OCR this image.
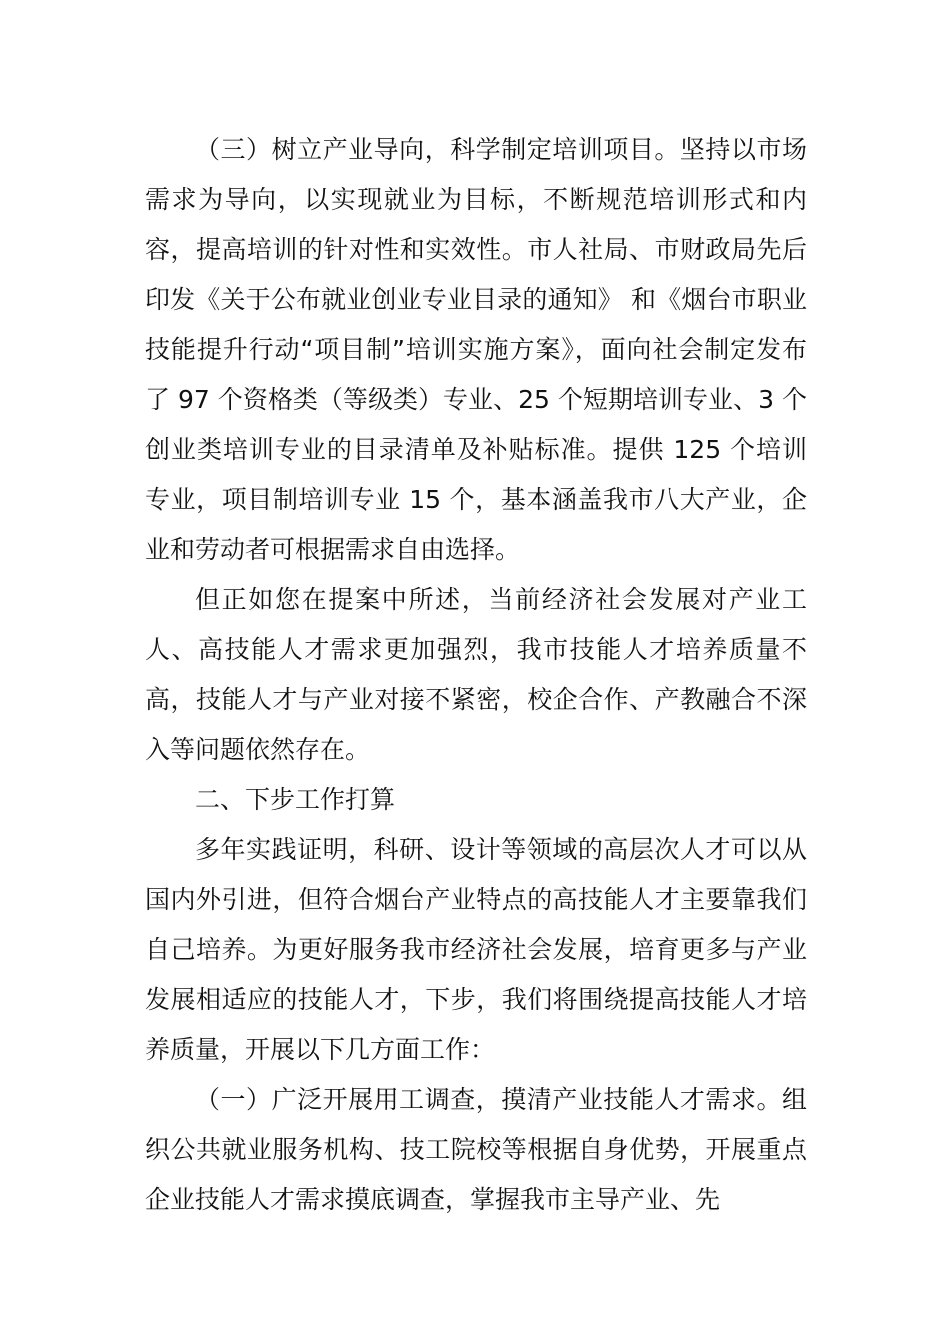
（三）树立产业导向，科学制定培训项目。坚持以市场需求为导向，以实现就业为目标，不断规范培训形式和内容，提高培训的针对性和实效性。市人社局、市财政局先后印发《关于公布就业创业专业目录的通知》 和《烟台市职业技能提升行动“项目制”培训实施方案》，面向社会制定发布了 97 个资格类（等级类）专业、25 个短期培训专业、3 个创业类培训专业的目录清单及补贴标准。提供 125 个培训专业，项目制培训专业 15 个，基本涵盖我市八大产业，企业和劳动者可根据需求自由选择。

但正如您在提案中所述，当前经济社会发展对产业工人、高技能人才需求更加强烈，我市技能人才培养质量不高，技能人才与产业对接不紧密，校企合作、产教融合不深入等问题依然存在。

二、下步工作打算

多年实践证明，科研、设计等领域的高层次人才可以从国内外引进，但符合烟台产业特点的高技能人才主要靠我们自己培养。为更好服务我市经济社会发展，培育更多与产业发展相适应的技能人才，下步，我们将围绕提高技能人才培养质量，开展以下几方面工作：

（一）广泛开展用工调查，摸清产业技能人才需求。组织公共就业服务机构、技工院校等根据自身优势，开展重点企业技能人才需求摸底调查，掌握我市主导产业、先
